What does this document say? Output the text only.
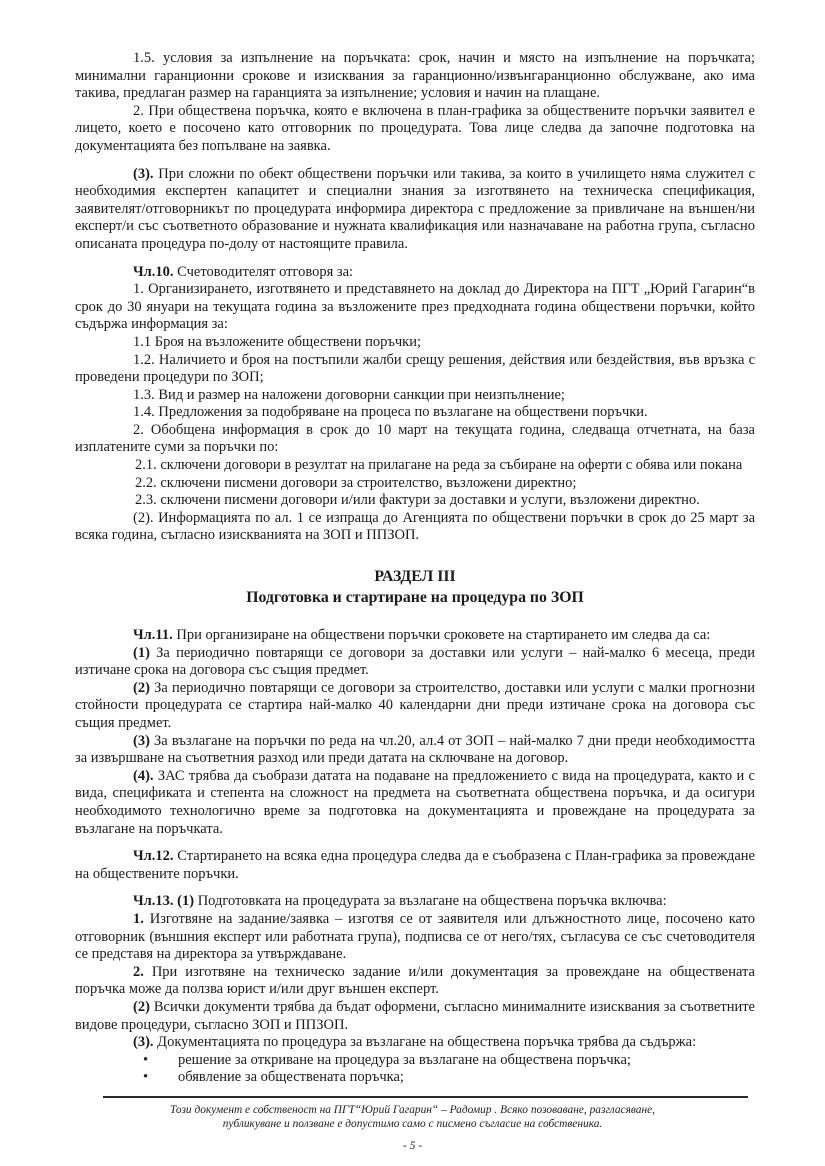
1.5. условия за изпълнение на поръчката: срок, начин и място на изпълнение на поръчката; минимални гаранционни срокове и изисквания за гаранционно/извънгаранционно обслужване, ако има такива, предлаган размер на гаранцията за изпълнение; условия и начин на плащане.

2. При обществена поръчка, която е включена в план-графика за обществените поръчки заявител е лицето, което е посочено като отговорник по процедурата. Това лице следва да започне подготовка на документацията без попълване на заявка.

(3). При сложни по обект обществени поръчки или такива, за които в училището няма служител с необходимия експертен капацитет и специални знания за изготвянето на техническа спецификация, заявителят/отговорникът по процедурата информира директора с предложение за привличане на външен/ни експерт/и със съответното образование и нужната квалификация или назначаване на работна група, съгласно описаната процедура по-долу от настоящите правила.

Чл.10. Счетоводителят отговоря за:

1. Организирането, изготвянето и представянето на доклад до Директора на ПГТ „Юрий Гагарин“в срок до 30 януари на текущата година за възложените през предходната година обществени поръчки, който съдържа информация за:

1.1 Броя на възложените обществени поръчки;

1.2. Наличието и броя на постъпили жалби срещу решения, действия или бездействия, във връзка с проведени процедури по ЗОП;

1.3. Вид и размер на наложени договорни санкции при неизпълнение;

1.4. Предложения за подобряване на процеса по възлагане на обществени поръчки.

2. Обобщена информация в срок до 10 март на текущата година, следваща отчетната, на база изплатените суми за поръчки по:

2.1. сключени договори в резултат на прилагане на реда за събиране на оферти с обява или покана

2.2. сключени писмени договори за строителство, възложени директно;

2.3. сключени писмени договори и/или фактури за доставки и услуги, възложени директно.

(2). Информацията по ал. 1 се изпраща до Агенцията по обществени поръчки в срок до 25 март за всяка година, съгласно изискванията на ЗОП и ППЗОП.

РАЗДЕЛ III
Подготовка и стартиране на процедура по ЗОП

Чл.11. При организиране на обществени поръчки сроковете на стартирането им следва да са:

(1) За периодично повтарящи се договори за доставки или услуги – най-малко 6 месеца, преди изтичане срока на договора със същия предмет.

(2) За периодично повтарящи се договори за строителство, доставки или услуги с малки прогнозни стойности процедурата се стартира най-малко 40 календарни дни преди изтичане срока на договора със същия предмет.

(3) За възлагане на поръчки по реда на чл.20, ал.4 от ЗОП – най-малко 7 дни преди необходимостта за извършване на съответния разход или преди датата на сключване на договор.

(4). ЗАС трябва да съобрази датата на подаване на предложението с вида на процедурата, както и с вида, спецификата и степента на сложност на предмета на съответната обществена поръчка, и да осигури необходимото технологично време за подготовка на документацията и провеждане на процедурата за възлагане на поръчката.

Чл.12. Стартирането на всяка една процедура следва да е съобразена с План-графика за провеждане на обществените поръчки.

Чл.13. (1) Подготовката на процедурата за възлагане на обществена поръчка включва:

1. Изготвяне на задание/заявка – изготвя се от заявителя или длъжностното лице, посочено като отговорник (външния експерт или работната група), подписва се от него/тях, съгласува се със счетоводителя се представя на директора за утвърждаване.

2. При изготвяне на техническо задание и/или документация за провеждане на обществената поръчка може да ползва юрист и/или друг външен експерт.

(2) Всички документи трябва да бъдат оформени, съгласно минималните изисквания за съответните видове процедури, съгласно ЗОП и ППЗОП.

(3). Документацията по процедура за възлагане на обществена поръчка трябва да съдържа:

• решение за откриване на процедура за възлагане на обществена поръчка;

• обявление за обществената поръчка;

Този документ е собственост на ПГТ“Юрий Гагарин“ – Радомир . Всяко позоваване, разгласяване,
публикуване и ползване е допустимо само с писмено съгласие на собственика.
- 5 -
